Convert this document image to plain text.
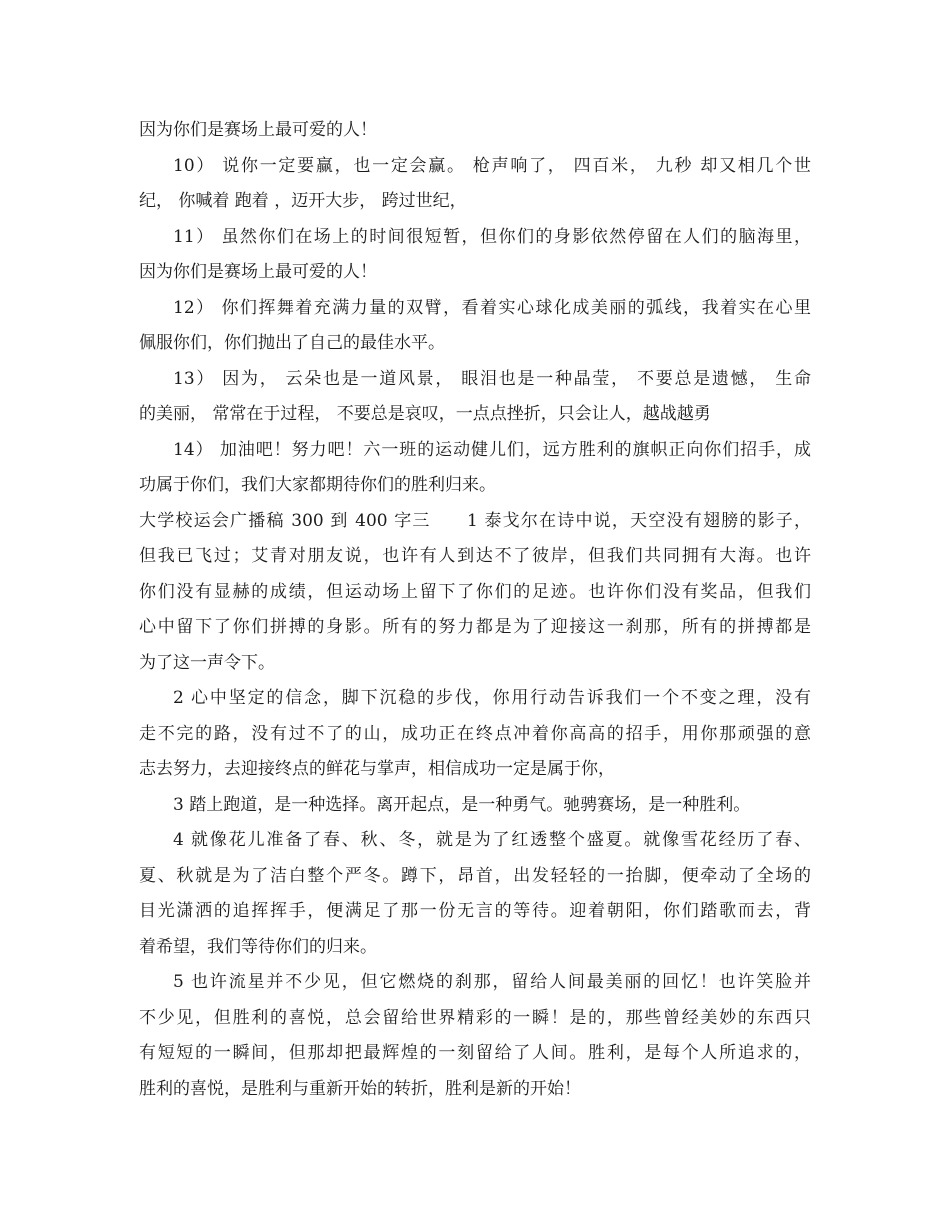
因为你们是赛场上最可爱的人！
10） 说你一定要赢，也一定会赢。 枪声响了， 四百米， 九秒 却又相几个世
纪， 你喊着 跑着 ，迈开大步， 跨过世纪，
11） 虽然你们在场上的时间很短暂，但你们的身影依然停留在人们的脑海里，
因为你们是赛场上最可爱的人！
12） 你们挥舞着充满力量的双臂，看着实心球化成美丽的弧线，我着实在心里
佩服你们，你们抛出了自己的最佳水平。
13） 因为， 云朵也是一道风景， 眼泪也是一种晶莹， 不要总是遗憾， 生命
的美丽， 常常在于过程， 不要总是哀叹，一点点挫折，只会让人，越战越勇
14） 加油吧！努力吧！六一班的运动健儿们，远方胜利的旗帜正向你们招手，成
功属于你们，我们大家都期待你们的胜利归来。
大学校运会广播稿 300 到 400 字三　　1 泰戈尔在诗中说，天空没有翅膀的影子，
但我已飞过；艾青对朋友说，也许有人到达不了彼岸，但我们共同拥有大海。也许
你们没有显赫的成绩，但运动场上留下了你们的足迹。也许你们没有奖品，但我们
心中留下了你们拼搏的身影。所有的努力都是为了迎接这一刹那，所有的拼搏都是
为了这一声令下。
2 心中坚定的信念，脚下沉稳的步伐，你用行动告诉我们一个不变之理，没有
走不完的路，没有过不了的山，成功正在终点冲着你高高的招手，用你那顽强的意
志去努力，去迎接终点的鲜花与掌声，相信成功一定是属于你，
3 踏上跑道，是一种选择。离开起点，是一种勇气。驰骋赛场，是一种胜利。
4 就像花儿准备了春、秋、冬，就是为了红透整个盛夏。就像雪花经历了春、
夏、秋就是为了洁白整个严冬。蹲下，昂首，出发轻轻的一抬脚，便牵动了全场的
目光潇洒的追挥挥手，便满足了那一份无言的等待。迎着朝阳，你们踏歌而去，背
着希望，我们等待你们的归来。
5 也许流星并不少见，但它燃烧的刹那，留给人间最美丽的回忆！也许笑脸并
不少见，但胜利的喜悦，总会留给世界精彩的一瞬！是的，那些曾经美妙的东西只
有短短的一瞬间，但那却把最辉煌的一刻留给了人间。胜利，是每个人所追求的，
胜利的喜悦，是胜利与重新开始的转折，胜利是新的开始！
